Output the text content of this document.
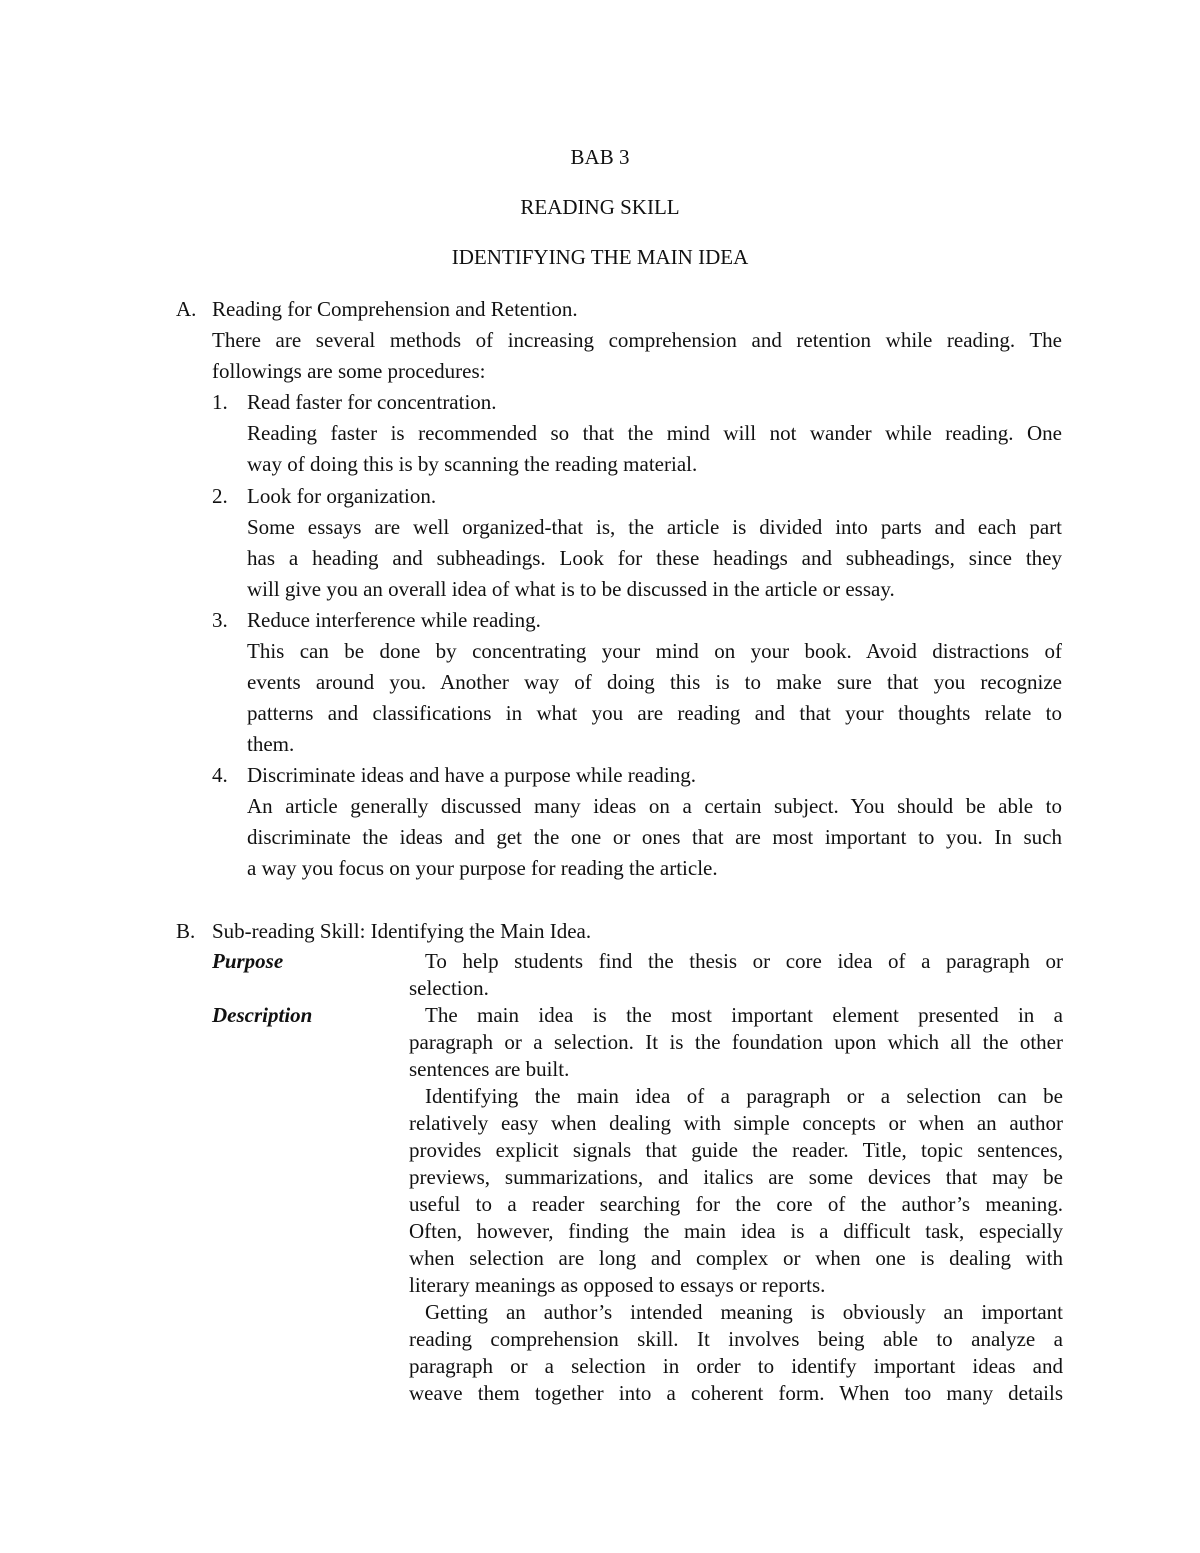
BAB 3
READING SKILL
IDENTIFYING THE MAIN IDEA
A. Reading for Comprehension and Retention.
There are several methods of increasing comprehension and retention while reading. The
followings are some procedures:
1. Read faster for concentration.
Reading faster is recommended so that the mind will not wander while reading. One
way of doing this is by scanning the reading material.
2. Look for organization.
Some essays are well organized-that is, the article is divided into parts and each part
has a heading and subheadings. Look for these headings and subheadings, since they
will give you an overall idea of what is to be discussed in the article or essay.
3. Reduce interference while reading.
This can be done by concentrating your mind on your book. Avoid distractions of
events around you. Another way of doing this is to make sure that you recognize
patterns and classifications in what you are reading and that your thoughts relate to
them.
4. Discriminate ideas and have a purpose while reading.
An article generally discussed many ideas on a certain subject. You should be able to
discriminate the ideas and get the one or ones that are most important to you. In such
a way you focus on your purpose for reading the article.
B. Sub-reading Skill: Identifying the Main Idea.
Purpose	To help students find the thesis or core idea of a paragraph or
selection.
Description	The main idea is the most important element presented in a
paragraph or a selection. It is the foundation upon which all the other
sentences are built.
Identifying the main idea of a paragraph or a selection can be
relatively easy when dealing with simple concepts or when an author
provides explicit signals that guide the reader. Title, topic sentences,
previews, summarizations, and italics are some devices that may be
useful to a reader searching for the core of the author’s meaning.
Often, however, finding the main idea is a difficult task, especially
when selection are long and complex or when one is dealing with
literary meanings as opposed to essays or reports.
Getting an author’s intended meaning is obviously an important
reading comprehension skill. It involves being able to analyze a
paragraph or a selection in order to identify important ideas and
weave them together into a coherent form. When too many details
